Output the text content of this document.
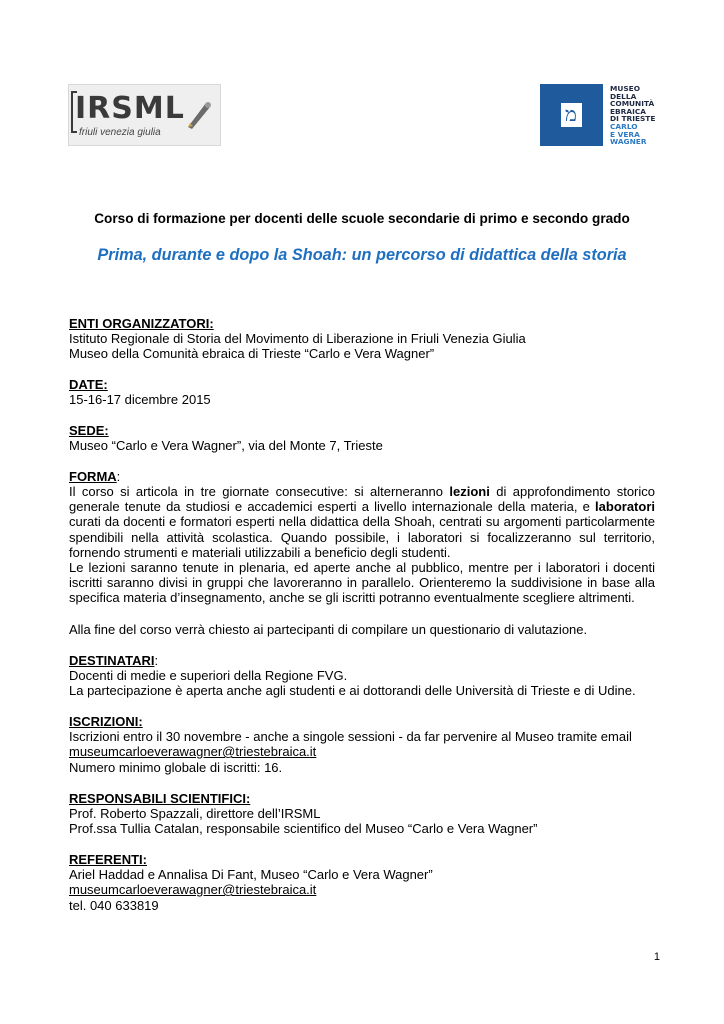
IRSML
friuli venezia giulia
מ
MUSEO
DELLA
COMUNITÀ
EBRAICA
DI TRIESTE
CARLO
E VERA
WAGNER
Corso di formazione per docenti delle scuole secondarie di primo e secondo grado
Prima, durante e dopo la Shoah: un percorso di didattica della storia
ENTI ORGANIZZATORI:
Istituto Regionale di Storia del Movimento di Liberazione in Friuli Venezia Giulia
Museo della Comunità ebraica di Trieste “Carlo e Vera Wagner”
DATE:
15-16-17 dicembre 2015
SEDE:
Museo “Carlo e Vera Wagner”, via del Monte 7, Trieste
FORMA:
Il corso si articola in tre giornate consecutive: si alterneranno lezioni di approfondimento storico generale tenute da studiosi e accademici esperti a livello internazionale della materia, e laboratori curati da docenti e formatori esperti nella didattica della Shoah, centrati su argomenti particolarmente spendibili nella attività scolastica. Quando possibile, i laboratori si focalizzeranno sul territorio, fornendo strumenti e materiali utilizzabili a beneficio degli studenti.
Le lezioni saranno tenute in plenaria, ed aperte anche al pubblico, mentre per i laboratori i docenti iscritti saranno divisi in gruppi che lavoreranno in parallelo. Orienteremo la suddivisione in base alla specifica materia d’insegnamento, anche se gli iscritti potranno eventualmente scegliere altrimenti.
Alla fine del corso verrà chiesto ai partecipanti di compilare un questionario di valutazione.
DESTINATARI:
Docenti di medie e superiori della Regione FVG.
La partecipazione è aperta anche agli studenti e ai dottorandi delle Università di Trieste e di Udine.
ISCRIZIONI:
Iscrizioni entro il 30 novembre - anche a singole sessioni - da far pervenire al Museo tramite email
museumcarloeverawagner@triestebraica.it
Numero minimo globale di iscritti: 16.
RESPONSABILI SCIENTIFICI:
Prof. Roberto Spazzali, direttore dell’IRSML
Prof.ssa Tullia Catalan, responsabile scientifico del Museo “Carlo e Vera Wagner”
REFERENTI:
Ariel Haddad e Annalisa Di Fant, Museo “Carlo e Vera Wagner”
museumcarloeverawagner@triestebraica.it
tel. 040 633819
1
